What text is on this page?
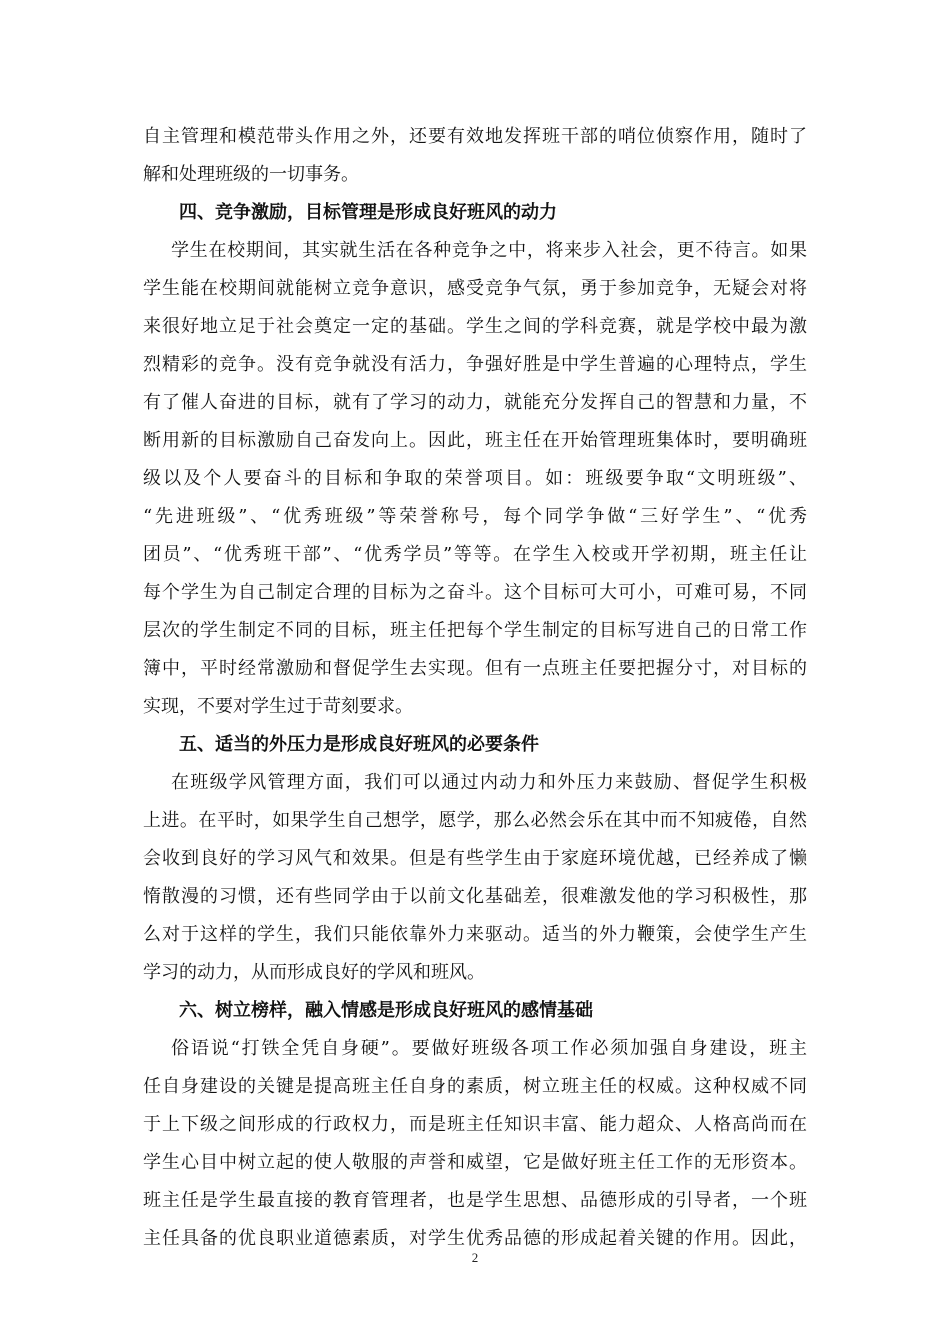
自主管理和模范带头作用之外，还要有效地发挥班干部的哨位侦察作用，随时了
解和处理班级的一切事务。
四、竞争激励，目标管理是形成良好班风的动力
学生在校期间，其实就生活在各种竞争之中，将来步入社会，更不待言。如果
学生能在校期间就能树立竞争意识，感受竞争气氛，勇于参加竞争，无疑会对将
来很好地立足于社会奠定一定的基础。学生之间的学科竞赛，就是学校中最为激
烈精彩的竞争。没有竞争就没有活力，争强好胜是中学生普遍的心理特点，学生
有了催人奋进的目标，就有了学习的动力，就能充分发挥自己的智慧和力量，不
断用新的目标激励自己奋发向上。因此，班主任在开始管理班集体时，要明确班
级以及个人要奋斗的目标和争取的荣誉项目。如：班级要争取“文明班级”、
“先进班级”、“优秀班级”等荣誉称号，每个同学争做“三好学生”、“优秀
团员”、“优秀班干部”、“优秀学员”等等。在学生入校或开学初期，班主任让
每个学生为自己制定合理的目标为之奋斗。这个目标可大可小，可难可易，不同
层次的学生制定不同的目标，班主任把每个学生制定的目标写进自己的日常工作
簿中，平时经常激励和督促学生去实现。但有一点班主任要把握分寸，对目标的
实现，不要对学生过于苛刻要求。
五、适当的外压力是形成良好班风的必要条件
在班级学风管理方面，我们可以通过内动力和外压力来鼓励、督促学生积极
上进。在平时，如果学生自己想学，愿学，那么必然会乐在其中而不知疲倦，自然
会收到良好的学习风气和效果。但是有些学生由于家庭环境优越，已经养成了懒
惰散漫的习惯，还有些同学由于以前文化基础差，很难激发他的学习积极性，那
么对于这样的学生，我们只能依靠外力来驱动。适当的外力鞭策，会使学生产生
学习的动力，从而形成良好的学风和班风。
六、树立榜样，融入情感是形成良好班风的感情基础
俗语说“打铁全凭自身硬”。要做好班级各项工作必须加强自身建设，班主
任自身建设的关键是提高班主任自身的素质，树立班主任的权威。这种权威不同
于上下级之间形成的行政权力，而是班主任知识丰富、能力超众、人格高尚而在
学生心目中树立起的使人敬服的声誉和威望，它是做好班主任工作的无形资本。
班主任是学生最直接的教育管理者，也是学生思想、品德形成的引导者，一个班
主任具备的优良职业道德素质，对学生优秀品德的形成起着关键的作用。因此，
2
